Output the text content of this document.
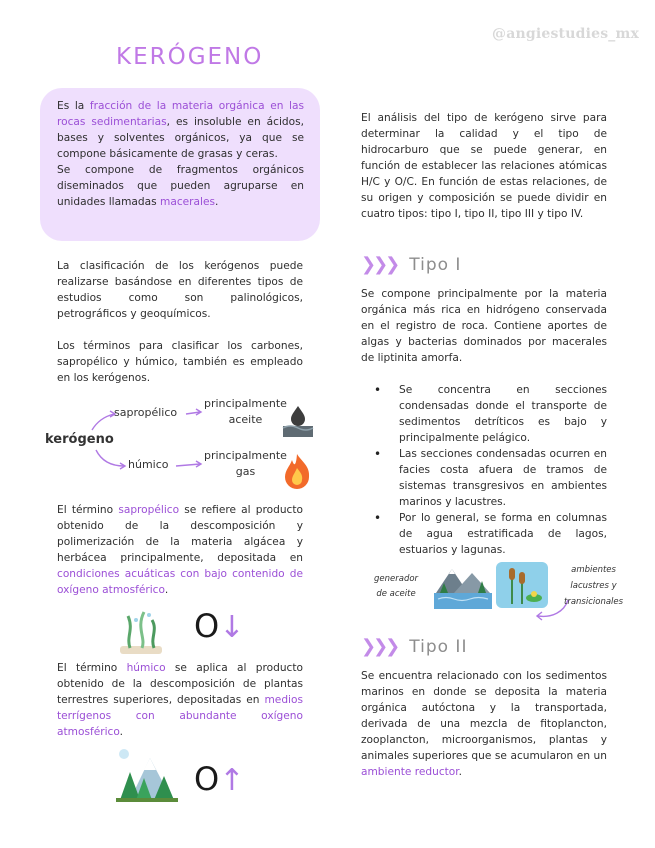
@angiestudies_mx
KERÓGENO
Es la fracción de la materia orgánica en las rocas sedimentarias, es insoluble en ácidos, bases y solventes orgánicos, ya que se compone básicamente de grasas y ceras.
Se compone de fragmentos orgánicos diseminados que pueden agruparse en unidades llamadas macerales.
La clasificación de los kerógenos puede realizarse basándose en diferentes tipos de estudios como son palinológicos, petrográficos y geoquímicos.
Los términos para clasificar los carbones, sapropélico y húmico, también es empleado en los kerógenos.
kerógeno
sapropélico
principalmente
aceite
húmico
principalmente
gas
El término sapropélico se refiere al producto obtenido de la descomposición y polimerización de la materia algácea y herbácea principalmente, depositada en condiciones acuáticas con bajo contenido de oxígeno atmosférico.
O↓
El término húmico se aplica al producto obtenido de la descomposición de plantas terrestres superiores, depositadas en medios terrígenos con abundante oxígeno atmosférico.
O↑
El análisis del tipo de kerógeno sirve para determinar la calidad y el tipo de hidrocarburo que se puede generar, en función de establecer las relaciones atómicas H/C y O/C. En función de estas relaciones, de su origen y composición se puede dividir en cuatro tipos: tipo I, tipo II, tipo III y tipo IV.
❯❯❯ Tipo I
Se compone principalmente por la materia orgánica más rica en hidrógeno conservada en el registro de roca. Contiene aportes de algas y bacterias dominados por macerales de liptinita amorfa.
• Se concentra en secciones condensadas donde el transporte de sedimentos detríticos es bajo y principalmente pelágico.
• Las secciones condensadas ocurren en facies costa afuera de tramos de sistemas transgresivos en ambientes marinos y lacustres.
• Por lo general, se forma en columnas de agua estratificada de lagos, estuarios y lagunas.
generador
de aceite
ambientes
lacustres y
transicionales
❯❯❯ Tipo II
Se encuentra relacionado con los sedimentos marinos en donde se deposita la materia orgánica autóctona y la transportada, derivada de una mezcla de fitoplancton, zooplancton, microorganismos, plantas y animales superiores que se acumularon en un ambiente reductor.
